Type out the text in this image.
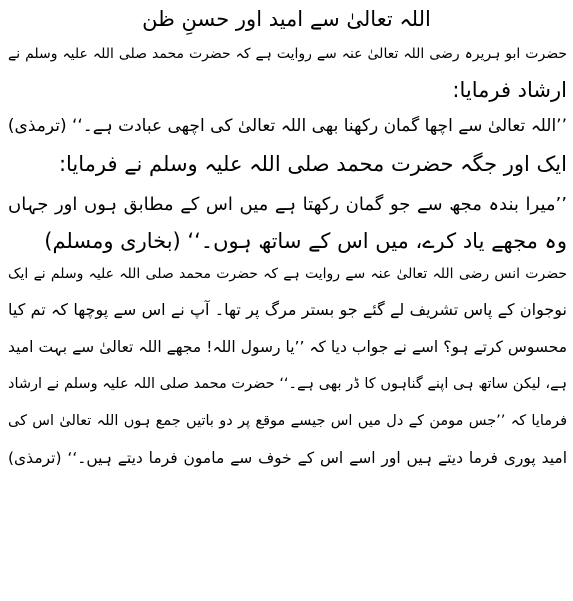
اللہ تعالیٰ سے امید اور حسنِ ظن
حضرت ابو ہریرہ رضی اللہ تعالیٰ عنہ سے روایت ہے کہ حضرت محمد صلی اللہ علیہ وسلم نے
ارشاد فرمایا:
’’اللہ تعالیٰ سے اچھا گمان رکھنا بھی اللہ تعالیٰ کی اچھی عبادت ہے۔‘‘ (ترمذی)
ایک اور جگہ حضرت محمد صلی اللہ علیہ وسلم نے فرمایا:
’’میرا بندہ مجھ سے جو گمان رکھتا ہے میں اس کے مطابق ہوں اور جہاں
وہ مجھے یاد کرے، میں اس کے ساتھ ہوں۔‘‘ (بخاری ومسلم)
حضرت انس رضی اللہ تعالیٰ عنہ سے روایت ہے کہ حضرت محمد صلی اللہ علیہ وسلم نے ایک
نوجوان کے پاس تشریف لے گئے جو بستر مرگ پر تھا۔ آپ نے اس سے پوچھا کہ تم کیا
محسوس کرتے ہو؟ اسے نے جواب دیا کہ ’’یا رسول اللہ! مجھے اللہ تعالیٰ سے بہت امید
ہے، لیکن ساتھ ہی اپنے گناہوں کا ڈر بھی ہے۔‘‘ حضرت محمد صلی اللہ علیہ وسلم نے ارشاد
فرمایا کہ ’’جس مومن کے دل میں اس جیسے موقع پر دو باتیں جمع ہوں اللہ تعالیٰ اس کی
امید پوری فرما دیتے ہیں اور اسے اس کے خوف سے مامون فرما دیتے ہیں۔‘‘ (ترمذی)
